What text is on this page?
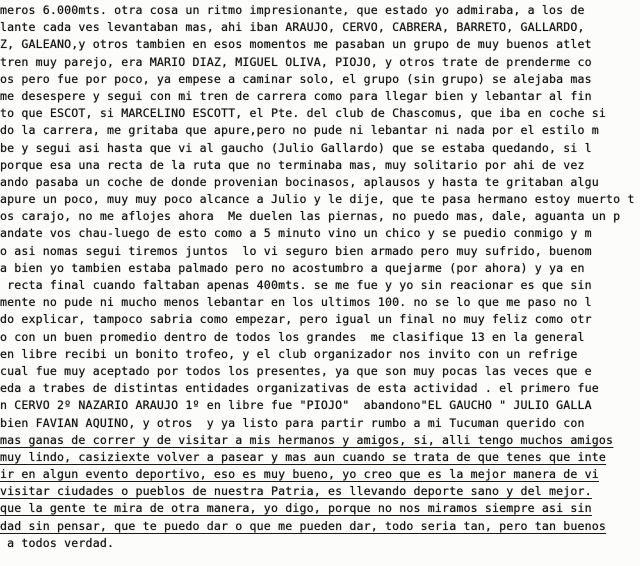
meros 6.000mts. otra cosa un ritmo impresionante, que estado yo admiraba, a los de
lante cada ves levantaban mas, ahi iban ARAUJO, CERVO, CABRERA, BARRETO, GALLARDO,
Z, GALEANO,y otros tambien en esos momentos me pasaban un grupo de muy buenos atlet
tren muy parejo, era MARIO DIAZ, MIGUEL OLIVA, PIOJO, y otros trate de prenderme co
os pero fue por poco, ya empese a caminar solo, el grupo (sin grupo) se alejaba mas
me desespere y segui con mi tren de carrera como para llegar bien y lebantar al fin
to que ESCOT, si MARCELINO ESCOTT, el Pte. del club de Chascomus, que iba en coche si
do la carrera, me gritaba que apure,pero no pude ni lebantar ni nada por el estilo m
be y segui asi hasta que vi al gaucho (Julio Gallardo) que se estaba quedando, si l
porque esa una recta de la ruta que no terminaba mas, muy solitario por ahi de vez
ando pasaba un coche de donde provenian bocinasos, aplausos y hasta te gritaban algu
apure un poco, muy muy poco alcance a Julio y le dije, que te pasa hermano estoy muerto t
os carajo, no me aflojes ahora  Me duelen las piernas, no puedo mas, dale, aguanta un p
andate vos chau-luego de esto como a 5 minuto vino un chico y se puedio conmigo y m
o asi nomas segui tiremos juntos  lo vi seguro bien armado pero muy sufrido, buenom
a bien yo tambien estaba palmado pero no acostumbro a quejarme (por ahora) y ya en
recta final cuando faltaban apenas 400mts. se me fue y yo sin reacionar es que sin
mente no pude ni mucho menos lebantar en los ultimos 100. no se lo que me paso no l
do explicar, tampoco sabria como empezar, pero igual un final no muy feliz como otr
o con un buen promedio dentro de todos los grandes  me clasifique 13 en la general
en libre recibi un bonito trofeo, y el club organizador nos invito con un refrige
cual fue muy aceptado por todos los presentes, ya que son muy pocas las veces que e
eda a trabes de distintas entidades organizativas de esta actividad . el primero fue
n CERVO 2º NAZARIO ARAUJO 1º en libre fue "PIOJO"  abandono"EL GAUCHO " JULIO GALLA
bien FAVIAN AQUINO, y otros  y ya listo para partir rumbo a mi Tucuman querido con
mas ganas de correr y de visitar a mis hermanos y amigos, si, alli tengo muchos amigos
muy lindo, casiziexte volver a pasear y mas aun cuando se trata de que tenes que inte
ir en algun evento deportivo, eso es muy bueno, yo creo que es la mejor manera de vi
visitar ciudades o pueblos de nuestra Patria, es llevando deporte sano y del mejor.
que la gente te mira de otra manera, yo digo, porque no nos miramos siempre asi sin
dad sin pensar, que te puedo dar o que me pueden dar, todo seria tan, pero tan buenos
a todos verdad.
